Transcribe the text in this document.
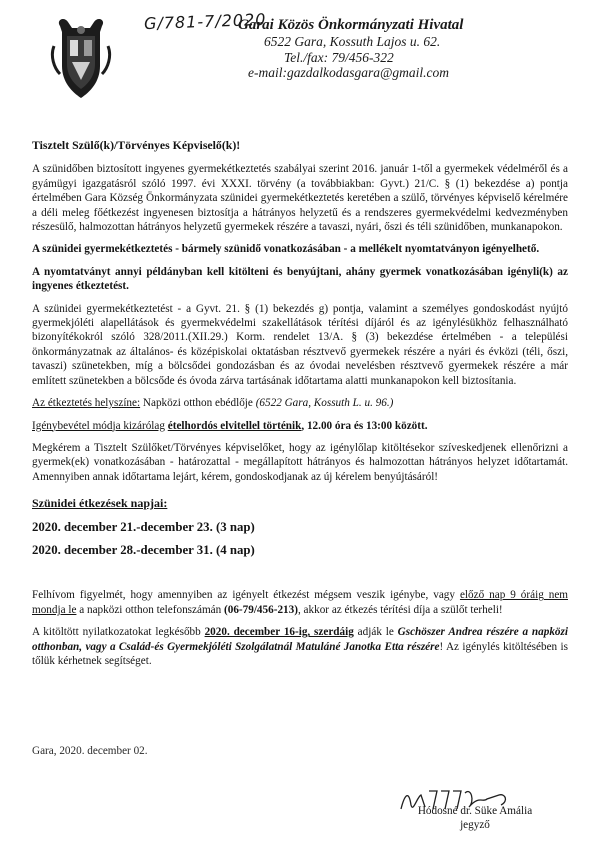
G/781-7/2020
Garai Közös Önkormányzati Hivatal
6522 Gara, Kossuth Lajos u. 62.
Tel./fax: 79/456-322
e-mail:gazdalkodasgara@gmail.com

Tisztelt Szülő(k)/Törvényes Képviselő(k)!

A szünidőben biztosított ingyenes gyermekétkeztetés szabályai szerint 2016. január 1-től a gyermekek védelméről és a gyámügyi igazgatásról szóló 1997. évi XXXI. törvény (a továbbiakban: Gyvt.) 21/C. § (1) bekezdése a) pontja értelmében Gara Község Önkormányzata szünidei gyermekétkeztetés keretében a szülő, törvényes képviselő kérelmére a déli meleg főétkezést ingyenesen biztosítja a hátrányos helyzetű és a rendszeres gyermekvédelmi kedvezményben részesülő, halmozottan hátrányos helyzetű gyermekek részére a tavaszi, nyári, őszi és téli szünidőben, munkanapokon.

A szünidei gyermekétkeztetés - bármely szünidő vonatkozásában - a mellékelt nyomtatványon igényelhető.

A nyomtatványt annyi példányban kell kitölteni és benyújtani, ahány gyermek vonatkozásában igényli(k) az ingyenes étkeztetést.

A szünidei gyermekétkeztetést - a Gyvt. 21. § (1) bekezdés g) pontja, valamint a személyes gondoskodást nyújtó gyermekjóléti alapellátások és gyermekvédelmi szakellátások térítési díjáról és az igénylésükhöz felhasználható bizonyítékokról szóló 328/2011.(XII.29.) Korm. rendelet 13/A. § (3) bekezdése értelmében - a települési önkormányzatnak az általános- és középiskolai oktatásban résztvevő gyermekek részére a nyári és évközi (téli, őszi, tavaszi) szünetekben, míg a bölcsődei gondozásban és az óvodai nevelésben résztvevő gyermekek részére a már említett szünetekben a bölcsőde és óvoda zárva tartásának időtartama alatti munkanapokon kell biztosítania.

Az étkeztetés helyszíne: Napközi otthon ebédlője (6522 Gara, Kossuth L. u. 96.)

Igénybevétel módja kizárólag ételhordós elvitellel történik, 12.00 óra és 13:00 között.

Megkérem a Tisztelt Szülőket/Törvényes képviselőket, hogy az igénylőlap kitöltésekor szíveskedjenek ellenőrizni a gyermek(ek) vonatkozásában - határozattal - megállapított hátrányos és halmozottan hátrányos helyzet időtartamát. Amennyiben annak időtartama lejárt, kérem, gondoskodjanak az új kérelem benyújtásáról!

Szünidei étkezések napjai:

2020. december 21.-december 23. (3 nap)

2020. december 28.-december 31. (4 nap)

Felhívom figyelmét, hogy amennyiben az igényelt étkezést mégsem veszik igénybe, vagy előző nap 9 óráig nem mondja le a napközi otthon telefonszámán (06-79/456-213), akkor az étkezés térítési díja a szülőt terheli!

A kitöltött nyilatkozatokat legkésőbb 2020. december 16-ig, szerdáig adják le Gschöszer Andrea részére a napközi otthonban, vagy a Család-és Gyermekjóléti Szolgálatnál Matuláné Janotka Etta részére! Az igénylés kitöltésében is tőlük kérhetnek segítséget.

Gara, 2020. december 02.
Hódosné dr. Süke Amália
jegyző
